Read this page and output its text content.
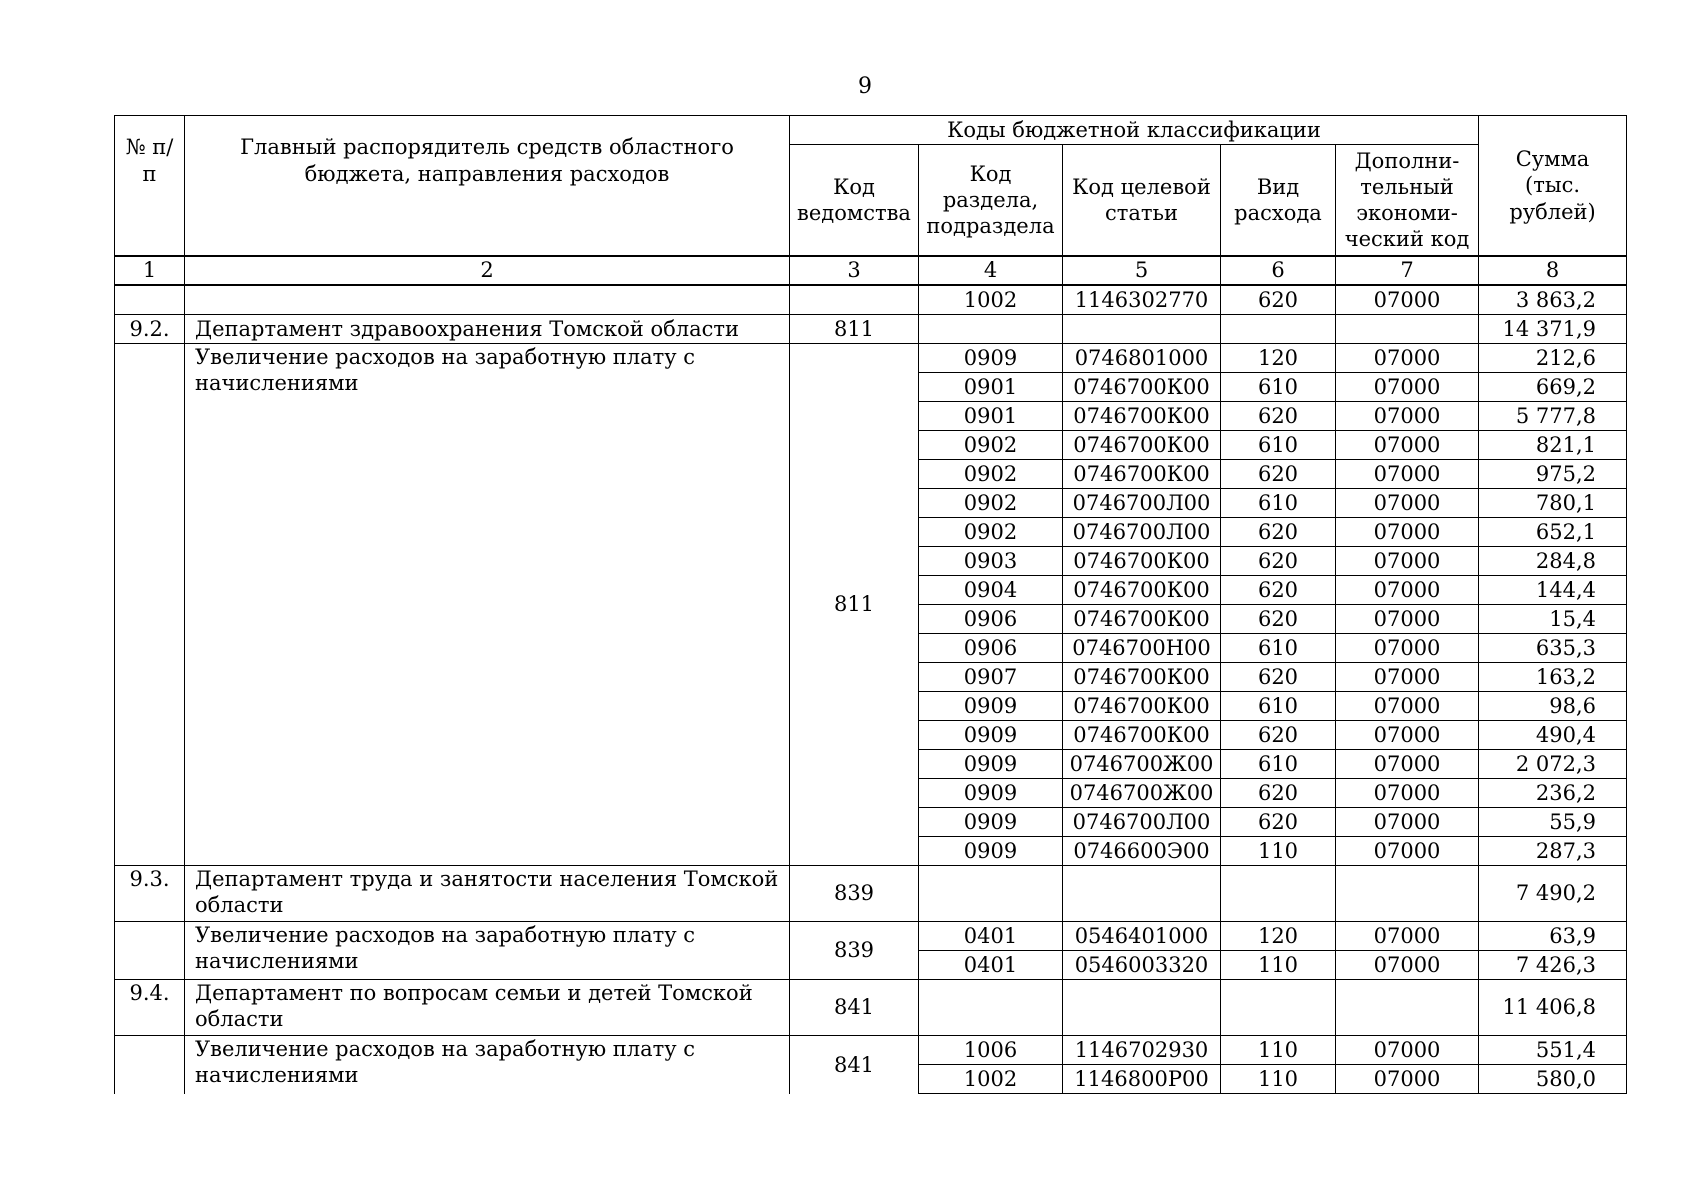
9
№ п/п	Главный распорядитель средств областного бюджета, направления расходов	Коды бюджетной классификации					Сумма (тыс. рублей)
		Код ведомства	Код раздела, подраздела	Код целевой статьи	Вид расхода	Дополни-тельный экономи-ческий код	
1	2	3	4	5	6	7	8
			1002	1146302770	620	07000	3 863,2
9.2.	Департамент здравоохранения Томской области	811					14 371,9
	Увеличение расходов на заработную плату с начислениями	811	0909	0746801000	120	07000	212,6
			0901	0746700К00	610	07000	669,2
			0901	0746700К00	620	07000	5 777,8
			0902	0746700К00	610	07000	821,1
			0902	0746700К00	620	07000	975,2
			0902	0746700Л00	610	07000	780,1
			0902	0746700Л00	620	07000	652,1
			0903	0746700К00	620	07000	284,8
			0904	0746700К00	620	07000	144,4
			0906	0746700К00	620	07000	15,4
			0906	0746700Н00	610	07000	635,3
			0907	0746700К00	620	07000	163,2
			0909	0746700К00	610	07000	98,6
			0909	0746700К00	620	07000	490,4
			0909	0746700Ж00	610	07000	2 072,3
			0909	0746700Ж00	620	07000	236,2
			0909	0746700Л00	620	07000	55,9
			0909	0746600Э00	110	07000	287,3
9.3.	Департамент труда и занятости населения Томской области	839					7 490,2
	Увеличение расходов на заработную плату с начислениями	839	0401	0546401000	120	07000	63,9
			0401	0546003320	110	07000	7 426,3
9.4.	Департамент по вопросам семьи и детей Томской области	841					11 406,8
	Увеличение расходов на заработную плату с начислениями	841	1006	1146702930	110	07000	551,4
			1002	1146800Р00	110	07000	580,0
